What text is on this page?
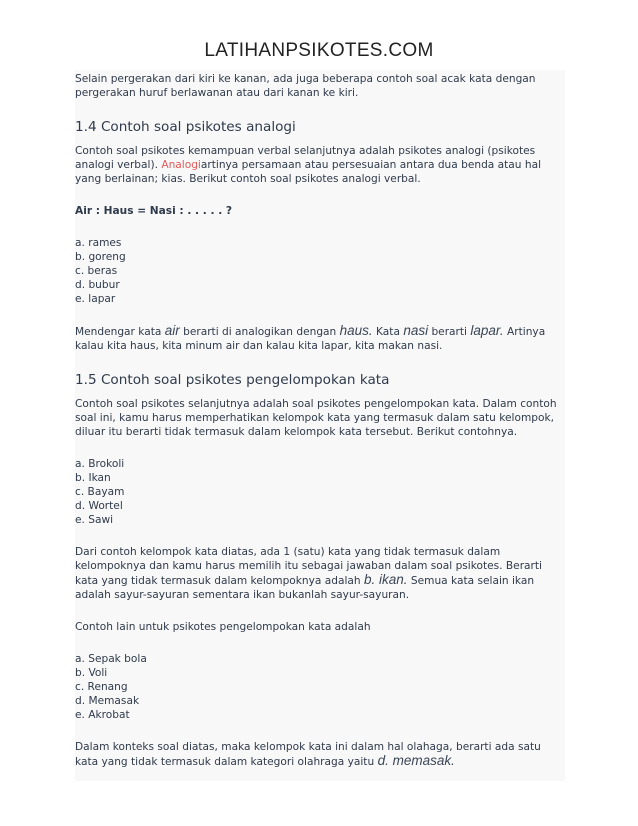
LATIHANPSIKOTES.COM

Selain pergerakan dari kiri ke kanan, ada juga beberapa contoh soal acak kata dengan pergerakan huruf berlawanan atau dari kanan ke kiri.

1.4 Contoh soal psikotes analogi

Contoh soal psikotes kemampuan verbal selanjutnya adalah psikotes analogi (psikotes analogi verbal). Analogiartinya persamaan atau persesuaian antara dua benda atau hal yang berlainan; kias. Berikut contoh soal psikotes analogi verbal.

Air : Haus = Nasi : . . . . . ?

a. rames
b. goreng
c. beras
d. bubur
e. lapar

Mendengar kata air berarti di analogikan dengan haus. Kata nasi berarti lapar. Artinya kalau kita haus, kita minum air dan kalau kita lapar, kita makan nasi.

1.5 Contoh soal psikotes pengelompokan kata

Contoh soal psikotes selanjutnya adalah soal psikotes pengelompokan kata. Dalam contoh soal ini, kamu harus memperhatikan kelompok kata yang termasuk dalam satu kelompok, diluar itu berarti tidak termasuk dalam kelompok kata tersebut. Berikut contohnya.

a. Brokoli
b. Ikan
c. Bayam
d. Wortel
e. Sawi

Dari contoh kelompok kata diatas, ada 1 (satu) kata yang tidak termasuk dalam kelompoknya dan kamu harus memilih itu sebagai jawaban dalam soal psikotes. Berarti kata yang tidak termasuk dalam kelompoknya adalah b. ikan. Semua kata selain ikan adalah sayur-sayuran sementara ikan bukanlah sayur-sayuran.

Contoh lain untuk psikotes pengelompokan kata adalah

a. Sepak bola
b. Voli
c. Renang
d. Memasak
e. Akrobat

Dalam konteks soal diatas, maka kelompok kata ini dalam hal olahaga, berarti ada satu kata yang tidak termasuk dalam kategori olahraga yaitu d. memasak.
